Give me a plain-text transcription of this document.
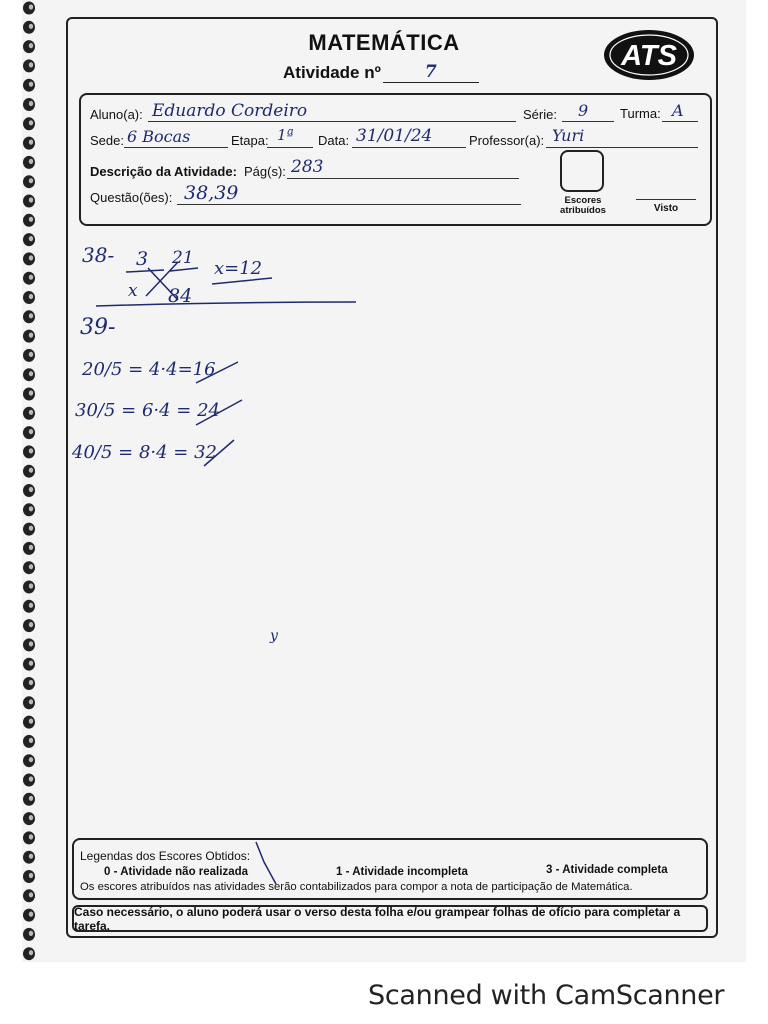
MATEMÁTICA
Atividade nº	7	ATS
Aluno(a): Eduardo Cordeiro	Série: 9 Turma: A
Sede: 6 Bocas	Etapa: 1ª Data: 31/01/24	Professor(a): Yuri
Descrição da Atividade: Pág(s): 283
Questão(ões): 38,39	Escores atribuídos	Visto
38- 3
x
21
84
x=12
39-
20/5 = 4·4=16
30/5 = 6·4 = 24
40/5 = 8·4 = 32
y
Legendas dos Escores Obtidos:
0 - Atividade não realizada	1 - Atividade incompleta	3 - Atividade completa
Os escores atribuídos nas atividades serão contabilizados para compor a nota de participação de Matemática.
Caso necessário, o aluno poderá usar o verso desta folha e/ou grampear folhas de ofício para completar a tarefa.
Scanned with CamScanner
